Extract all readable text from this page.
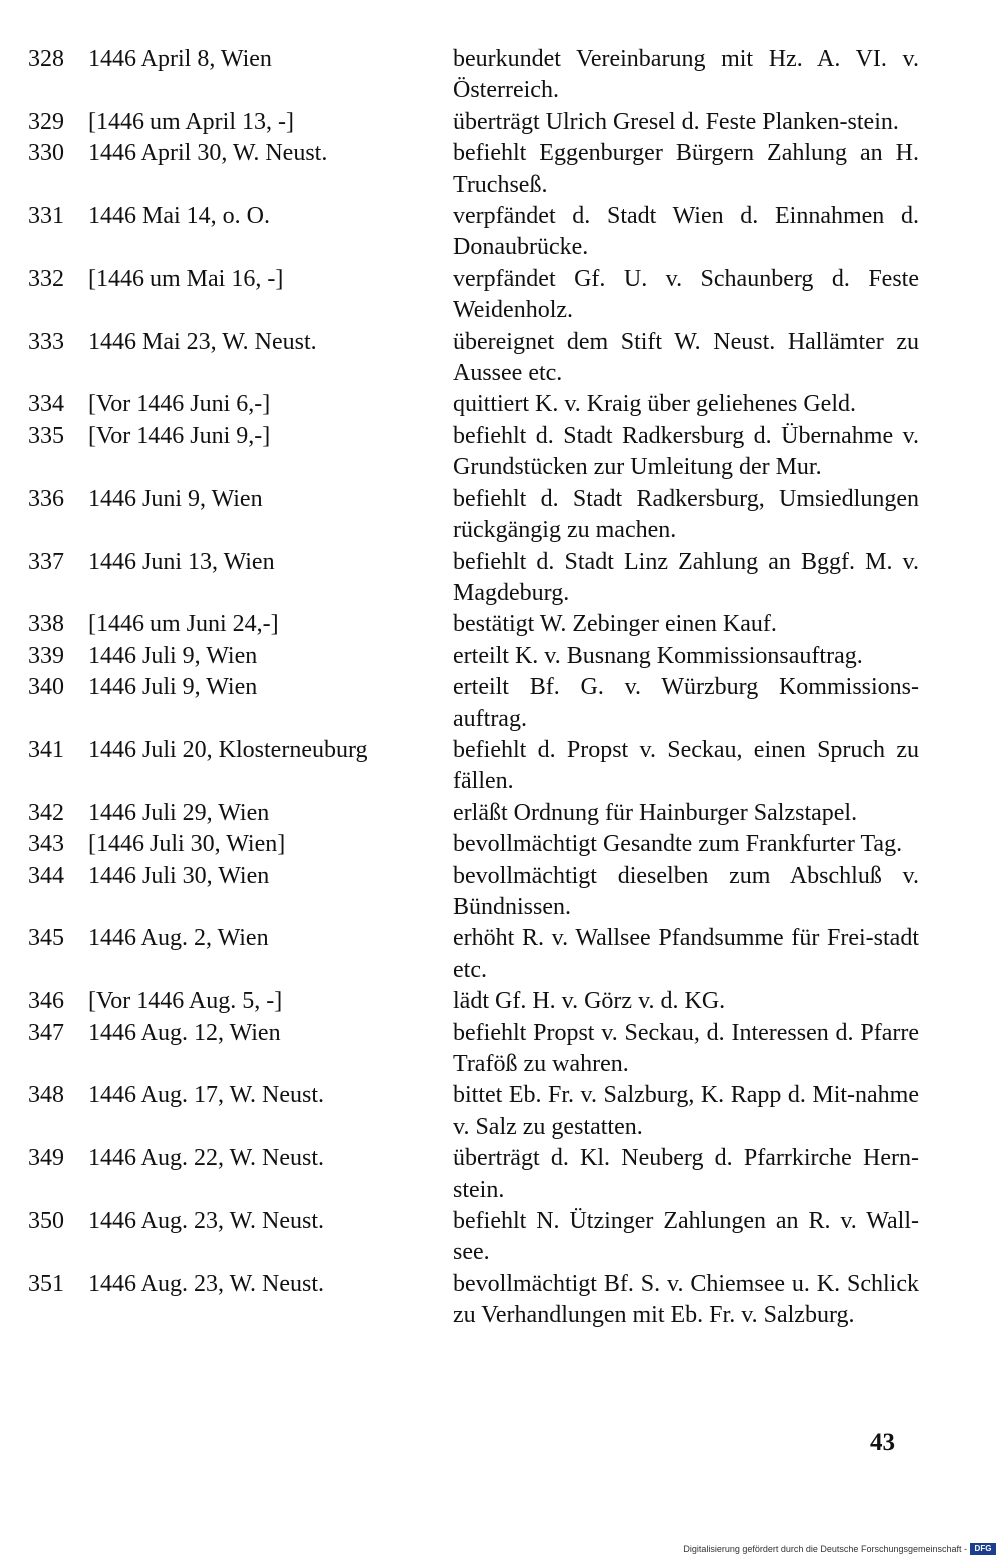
328 1446 April 8, Wien	beurkundet Vereinbarung mit Hz. A. VI. v. Österreich.
329 [1446 um April 13, -]	überträgt Ulrich Gresel d. Feste Planken-stein.
330 1446 April 30, W. Neust.	befiehlt Eggenburger Bürgern Zahlung an H. Truchseß.
331 1446 Mai 14, o. O.	verpfändet d. Stadt Wien d. Einnahmen d. Donaubrücke.
332 [1446 um Mai 16, -]	verpfändet Gf. U. v. Schaunberg d. Feste Weidenholz.
333 1446 Mai 23, W. Neust.	übereignet dem Stift W. Neust. Hallämter zu Aussee etc.
334 [Vor 1446 Juni 6,-]	quittiert K. v. Kraig über geliehenes Geld.
335 [Vor 1446 Juni 9,-]	befiehlt d. Stadt Radkersburg d. Übernahme v. Grundstücken zur Umleitung der Mur.
336 1446 Juni 9, Wien	befiehlt d. Stadt Radkersburg, Umsiedlungen rückgängig zu machen.
337 1446 Juni 13, Wien	befiehlt d. Stadt Linz Zahlung an Bggf. M. v. Magdeburg.
338 [1446 um Juni 24,-]	bestätigt W. Zebinger einen Kauf.
339 1446 Juli 9, Wien	erteilt K. v. Busnang Kommissionsauftrag.
340 1446 Juli 9, Wien	erteilt Bf. G. v. Würzburg Kommissions-auftrag.
341 1446 Juli 20, Klosterneuburg	befiehlt d. Propst v. Seckau, einen Spruch zu fällen.
342 1446 Juli 29, Wien	erläßt Ordnung für Hainburger Salzstapel.
343 [1446 Juli 30, Wien]	bevollmächtigt Gesandte zum Frankfurter Tag.
344 1446 Juli 30, Wien	bevollmächtigt dieselben zum Abschluß v. Bündnissen.
345 1446 Aug. 2, Wien	erhöht R. v. Wallsee Pfandsumme für Frei-stadt etc.
346 [Vor 1446 Aug. 5, -]	lädt Gf. H. v. Görz v. d. KG.
347 1446 Aug. 12, Wien	befiehlt Propst v. Seckau, d. Interessen d. Pfarre Traföß zu wahren.
348 1446 Aug. 17, W. Neust.	bittet Eb. Fr. v. Salzburg, K. Rapp d. Mit-nahme v. Salz zu gestatten.
349 1446 Aug. 22, W. Neust.	überträgt d. Kl. Neuberg d. Pfarrkirche Hern-stein.
350 1446 Aug. 23, W. Neust.	befiehlt N. Ützinger Zahlungen an R. v. Wall-see.
351 1446 Aug. 23, W. Neust.	bevollmächtigt Bf. S. v. Chiemsee u. K. Schlick zu Verhandlungen mit Eb. Fr. v. Salzburg.
43
Digitalisierung gefördert durch die Deutsche Forschungsgemeinschaft - DFG
